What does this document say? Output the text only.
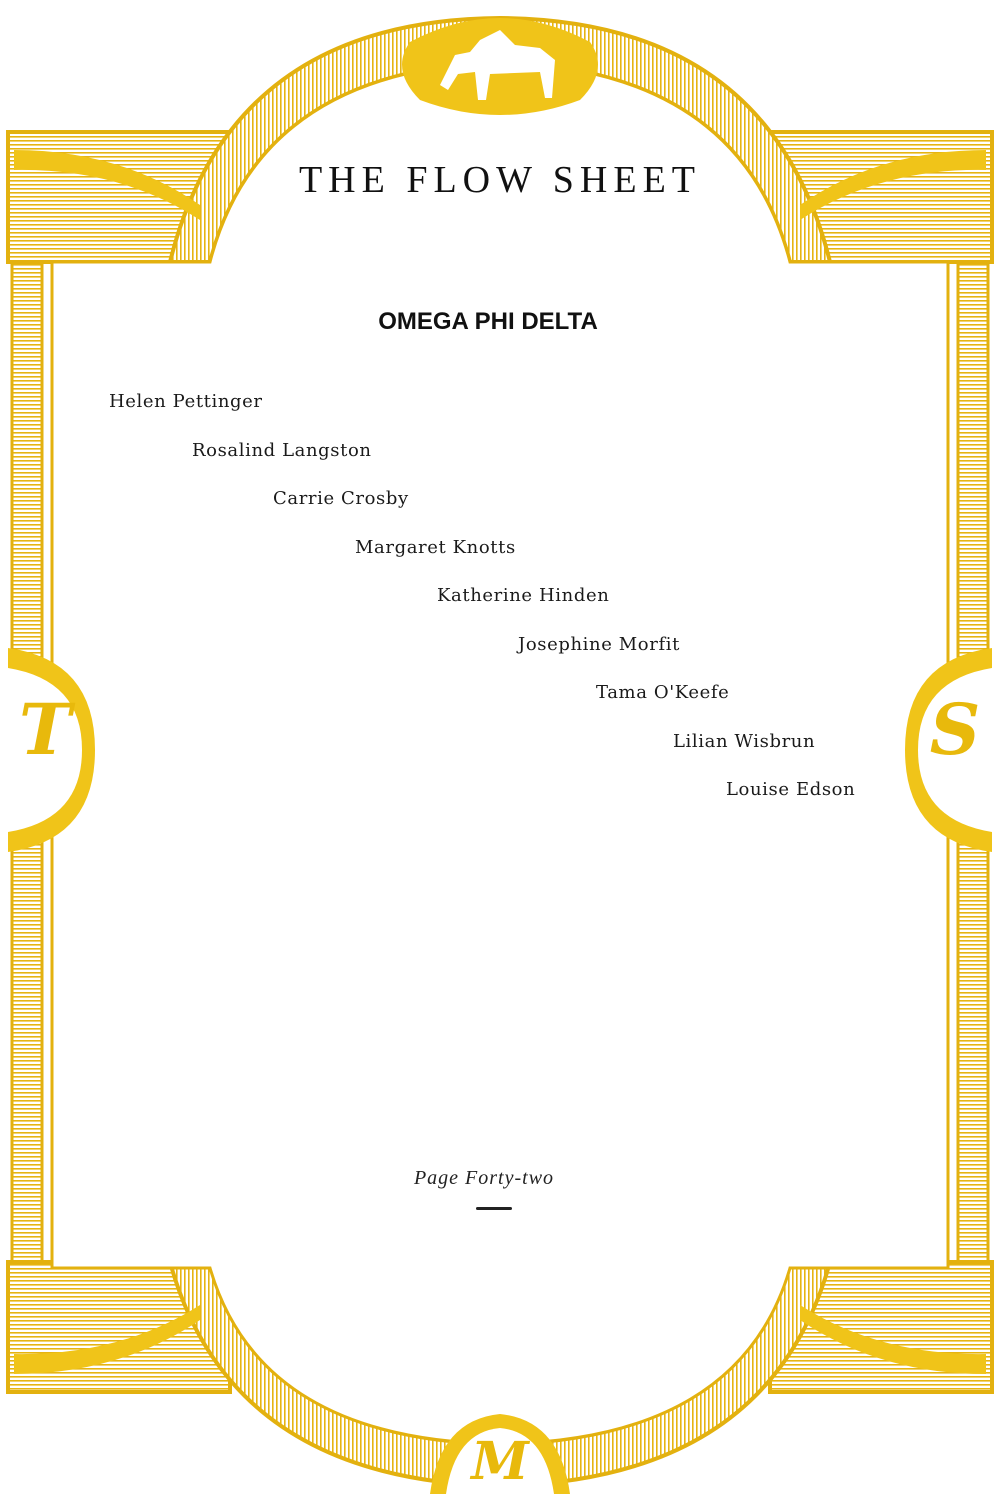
T	S
M
THE FLOW SHEET
OMEGA PHI DELTA

Helen Pettinger

Rosalind Langston

Carrie Crosby

Margaret Knotts

Katherine Hinden

Josephine Morfit

Tama O'Keefe

Lilian Wisbrun

Louise Edson

Page Forty-two
